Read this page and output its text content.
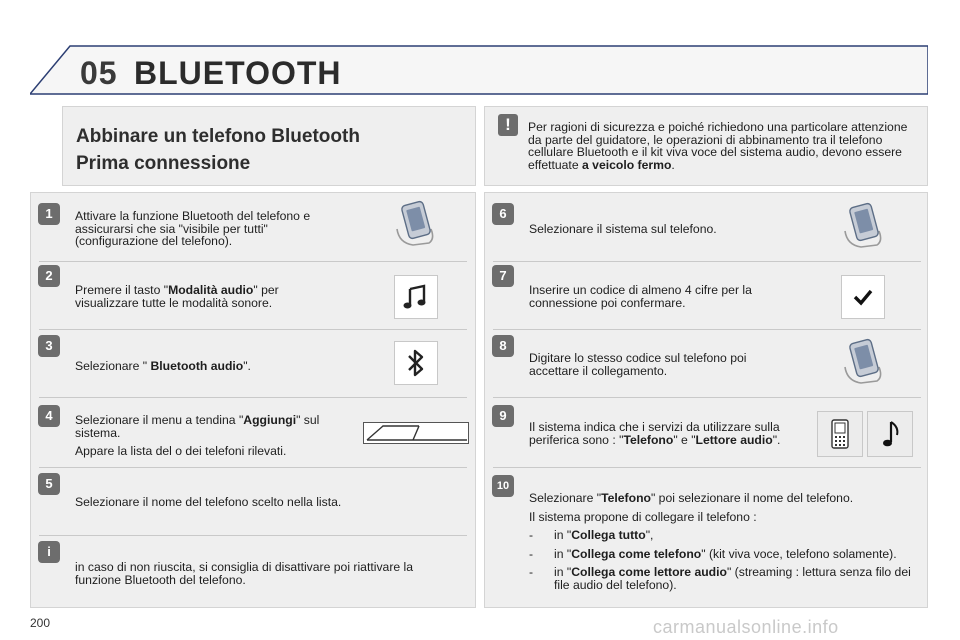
05 BLUETOOTH
Abbinare un telefono Bluetooth
Prima connessione
!	Per ragioni di sicurezza e poiché richiedono una particolare attenzione da parte del guidatore, le operazioni di abbinamento tra il telefono cellulare Bluetooth e il kit viva voce del sistema audio, devono essere effettuate a veicolo fermo.
1	Attivare la funzione Bluetooth del telefono e assicurarsi che sia "visibile per tutti" (configurazione del telefono).
2
Premere il tasto "Modalità audio" per visualizzare tutte le modalità sonore.
3
Selezionare " Bluetooth audio".
4	Selezionare il menu a tendina "Aggiungi" sul sistema.

Appare la lista del o dei telefoni rilevati.

5
Selezionare il nome del telefono scelto nella lista.
i
in caso di non riuscita, si consiglia di disattivare poi riattivare la funzione Bluetooth del telefono.
6
Selezionare il sistema sul telefono.
7
Inserire un codice di almeno 4 cifre per la connessione poi confermare.
8
Digitare lo stesso codice sul telefono poi accettare il collegamento.
9
Il sistema indica che i servizi da utilizzare sulla periferica sono : "Telefono" e "Lettore audio".
10

Selezionare "Telefono" poi selezionare il nome del telefono.

Il sistema propone di collegare il telefono :

- in "Collega tutto",
- in "Collega come telefono" (kit viva voce, telefono solamente).
- in "Collega come lettore audio" (streaming : lettura senza filo dei file audio del telefono).
200	carmanualsonline.info
